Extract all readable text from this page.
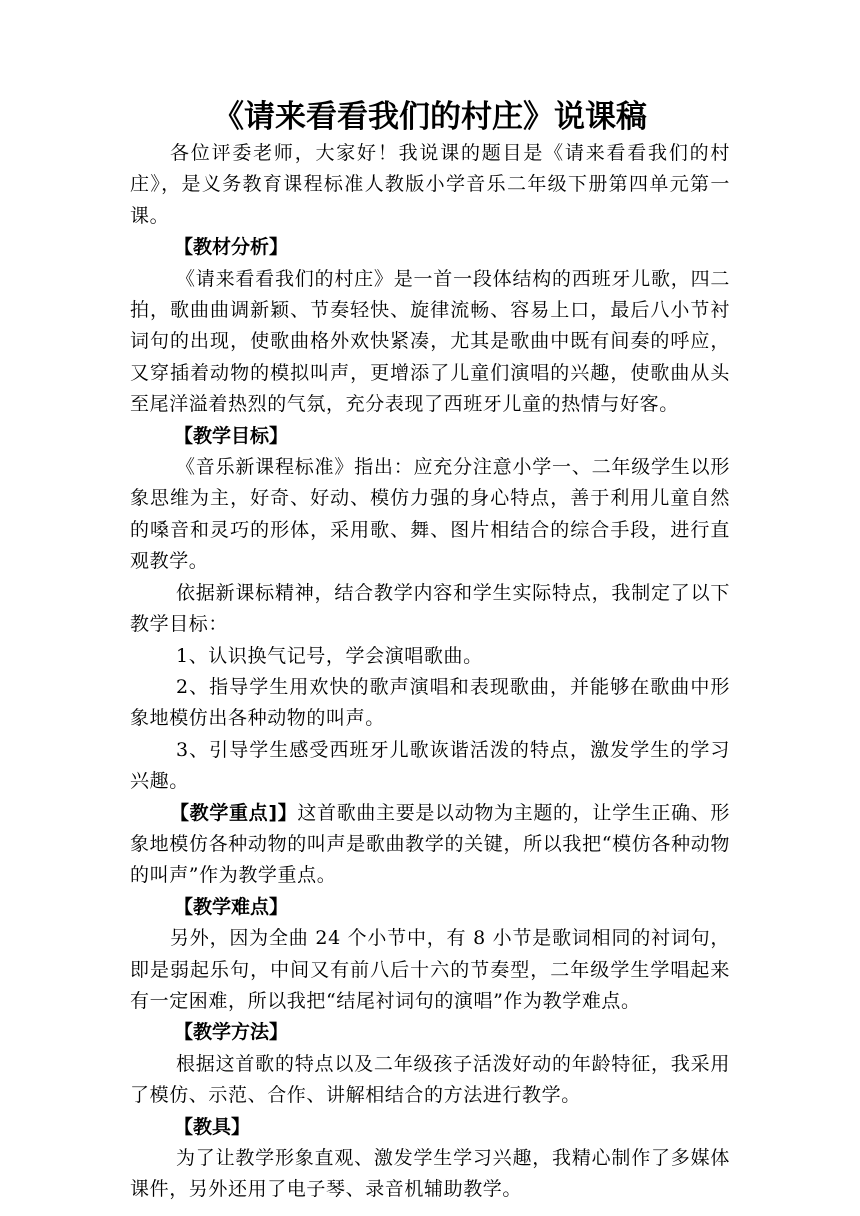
《请来看看我们的村庄》说课稿

各位评委老师，大家好！我说课的题目是《请来看看我们的村庄》，是义务教育课程标准人教版小学音乐二年级下册第四单元第一课。

【教材分析】

《请来看看我们的村庄》是一首一段体结构的西班牙儿歌，四二拍，歌曲曲调新颖、节奏轻快、旋律流畅、容易上口，最后八小节衬词句的出现，使歌曲格外欢快紧凑，尤其是歌曲中既有间奏的呼应，又穿插着动物的模拟叫声，更增添了儿童们演唱的兴趣，使歌曲从头至尾洋溢着热烈的气氛，充分表现了西班牙儿童的热情与好客。

【教学目标】

《音乐新课程标准》指出：应充分注意小学一、二年级学生以形象思维为主，好奇、好动、模仿力强的身心特点，善于利用儿童自然的嗓音和灵巧的形体，采用歌、舞、图片相结合的综合手段，进行直观教学。

依据新课标精神，结合教学内容和学生实际特点，我制定了以下教学目标：

1、认识换气记号，学会演唱歌曲。

2、指导学生用欢快的歌声演唱和表现歌曲，并能够在歌曲中形象地模仿出各种动物的叫声。

3、引导学生感受西班牙儿歌诙谐活泼的特点，激发学生的学习兴趣。

【教学重点]】这首歌曲主要是以动物为主题的，让学生正确、形象地模仿各种动物的叫声是歌曲教学的关键，所以我把“模仿各种动物的叫声”作为教学重点。

【教学难点】

另外，因为全曲 24 个小节中，有 8 小节是歌词相同的衬词句，即是弱起乐句，中间又有前八后十六的节奏型，二年级学生学唱起来有一定困难，所以我把“结尾衬词句的演唱”作为教学难点。

【教学方法】

根据这首歌的特点以及二年级孩子活泼好动的年龄特征，我采用了模仿、示范、合作、讲解相结合的方法进行教学。

【教具】

为了让教学形象直观、激发学生学习兴趣，我精心制作了多媒体课件，另外还用了电子琴、录音机辅助教学。
